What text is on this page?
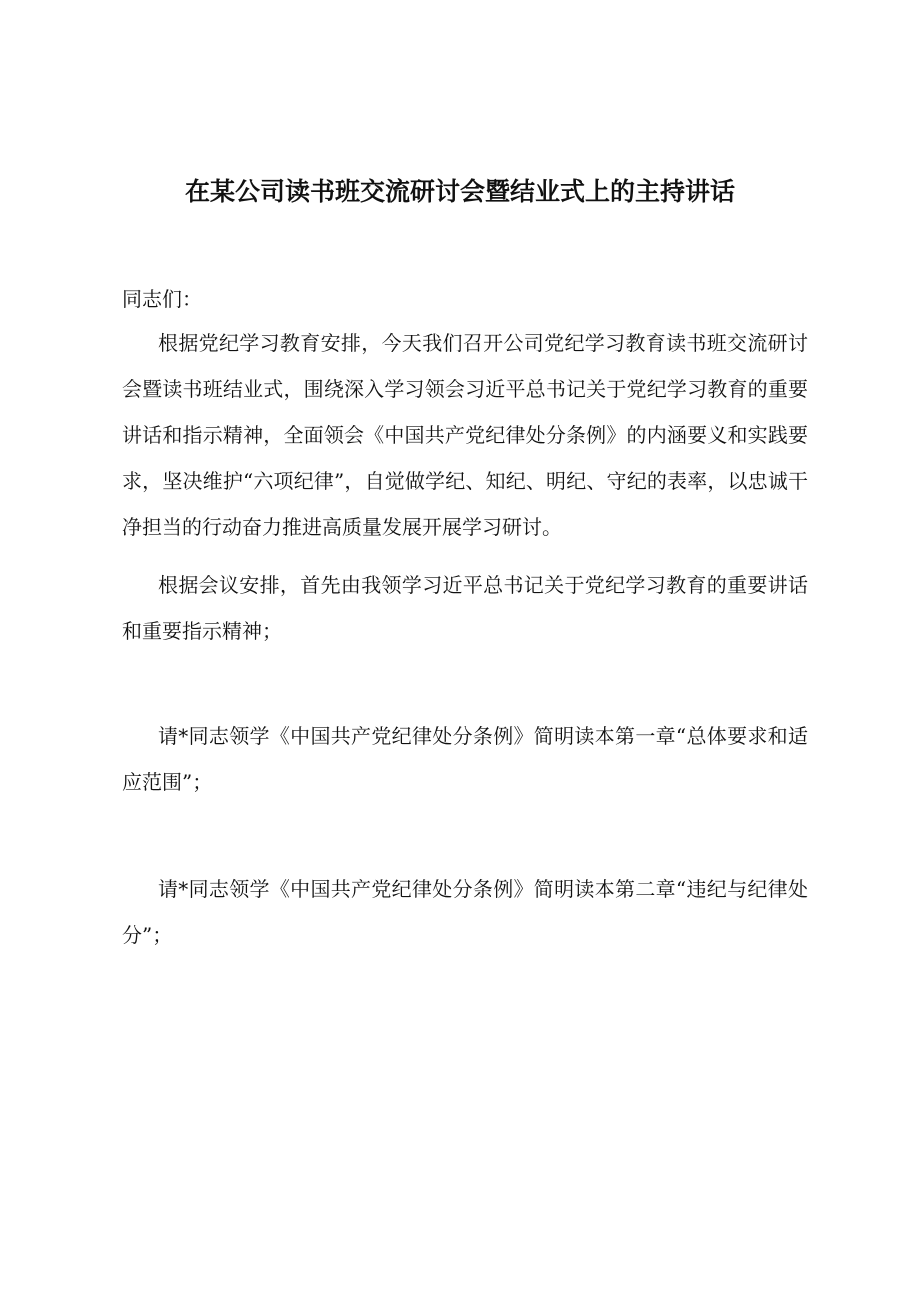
在某公司读书班交流研讨会暨结业式上的主持讲话

同志们：

根据党纪学习教育安排，今天我们召开公司党纪学习教育读书班交流研讨会暨读书班结业式，围绕深入学习领会习近平总书记关于党纪学习教育的重要讲话和指示精神，全面领会《中国共产党纪律处分条例》的内涵要义和实践要求，坚决维护“六项纪律”，自觉做学纪、知纪、明纪、守纪的表率，以忠诚干净担当的行动奋力推进高质量发展开展学习研讨。

根据会议安排，首先由我领学习近平总书记关于党纪学习教育的重要讲话和重要指示精神；

请*同志领学《中国共产党纪律处分条例》简明读本第一章“总体要求和适应范围”；

请*同志领学《中国共产党纪律处分条例》简明读本第二章“违纪与纪律处分”；
